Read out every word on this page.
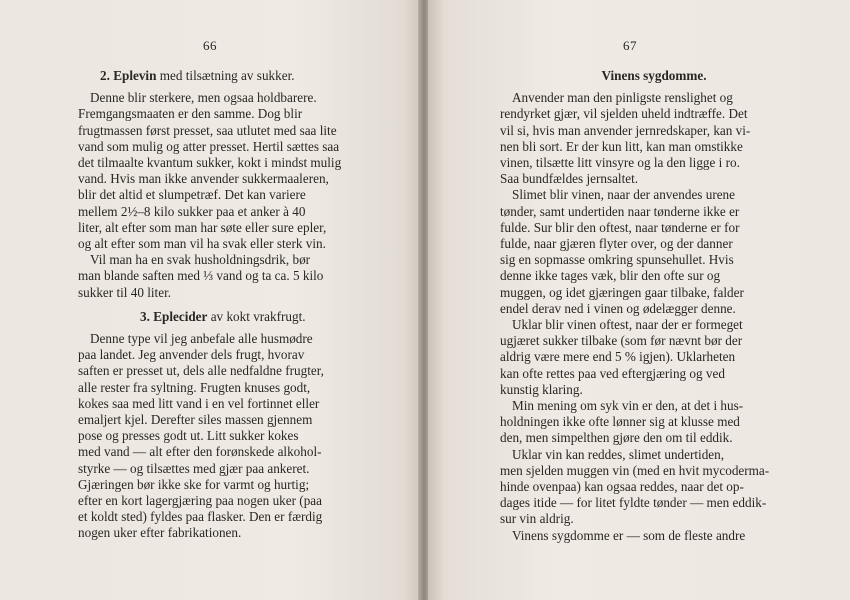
66
2. Eplevin med tilsætning av sukker.
Denne blir sterkere, men ogsaa holdbarere.
Fremgangsmaaten er den samme. Dog blir
frugtmassen først presset, saa utlutet med saa lite
vand som mulig og atter presset. Hertil sættes saa
det tilmaalte kvantum sukker, kokt i mindst mulig
vand. Hvis man ikke anvender sukkermaaleren,
blir det altid et slumpetræf. Det kan variere
mellem 2½–8 kilo sukker paa et anker à 40
liter, alt efter som man har søte eller sure epler,
og alt efter som man vil ha svak eller sterk vin.
Vil man ha en svak husholdningsdrik, bør
man blande saften med ⅓ vand og ta ca. 5 kilo
sukker til 40 liter.
3. Eplecider av kokt vrakfrugt.
Denne type vil jeg anbefale alle husmødre
paa landet. Jeg anvender dels frugt, hvorav
saften er presset ut, dels alle nedfaldne frugter,
alle rester fra syltning. Frugten knuses godt,
kokes saa med litt vand i en vel fortinnet eller
emaljert kjel. Derefter siles massen gjennem
pose og presses godt ut. Litt sukker kokes
med vand — alt efter den forønskede alkohol-
styrke — og tilsættes med gjær paa ankeret.
Gjæringen bør ikke ske for varmt og hurtig;
efter en kort lagergjæring paa nogen uker (paa
et koldt sted) fyldes paa flasker. Den er færdig
nogen uker efter fabrikationen.
67
Vinens sygdomme.
Anvender man den pinligste renslighet og
rendyrket gjær, vil sjelden uheld indtræffe. Det
vil si, hvis man anvender jernredskaper, kan vi-
nen bli sort. Er der kun litt, kan man omstikke
vinen, tilsætte litt vinsyre og la den ligge i ro.
Saa bundfældes jernsaltet.
Slimet blir vinen, naar der anvendes urene
tønder, samt undertiden naar tønderne ikke er
fulde. Sur blir den oftest, naar tønderne er for
fulde, naar gjæren flyter over, og der danner
sig en sopmasse omkring spunsehullet. Hvis
denne ikke tages væk, blir den ofte sur og
muggen, og idet gjæringen gaar tilbake, falder
endel derav ned i vinen og ødelægger denne.
Uklar blir vinen oftest, naar der er formeget
ugjæret sukker tilbake (som før nævnt bør der
aldrig være mere end 5 % igjen). Uklarheten
kan ofte rettes paa ved eftergjæring og ved
kunstig klaring.
Min mening om syk vin er den, at det i hus-
holdningen ikke ofte lønner sig at klusse med
den, men simpelthen gjøre den om til eddik.
Uklar vin kan reddes, slimet undertiden,
men sjelden muggen vin (med en hvit mycoderma-
hinde ovenpaa) kan ogsaa reddes, naar det op-
dages itide — for litet fyldte tønder — men eddik-
sur vin aldrig.
Vinens sygdomme er — som de fleste andre
